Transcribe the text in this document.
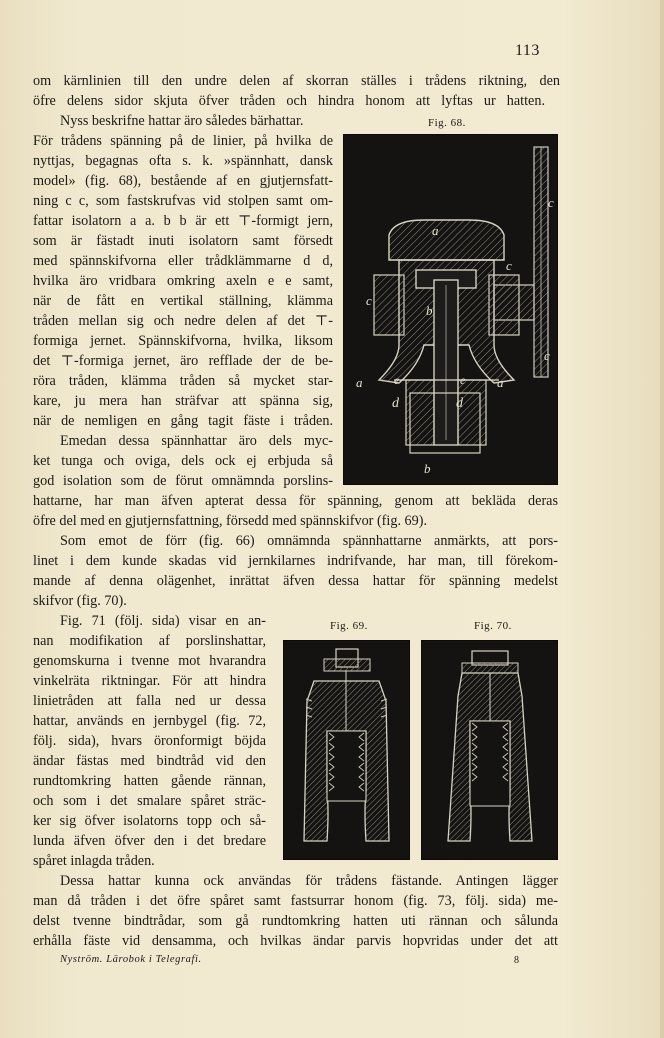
113
om kärnlinien till den undre delen af skorran ställes i trådens riktning, den
öfre delens sidor skjuta öfver tråden och hindra honom att lyftas ur hatten.
Nyss beskrifne hattar äro således bärhattar.	Fig. 68.
För trådens spänning på de linier, på hvilka de
nyttjas, begagnas ofta s. k. »spännhatt, dansk
model» (fig. 68), bestående af en gjutjernsfatt-
ning c c, som fastskrufvas vid stolpen samt om-
fattar isolatorn a a. b b är ett ⊤-formigt jern,
som är fästadt inuti isolatorn samt försedt
med spännskifvorna eller trådklämmarne d d,
hvilka äro vridbara omkring axeln e e samt,
när de fått en vertikal ställning, klämma
tråden mellan sig och nedre delen af det ⊤-
formiga jernet. Spännskifvorna, hvilka, liksom
det ⊤-formiga jernet, äro refflade der de be-
röra tråden, klämma tråden så mycket star-
kare, ju mera han sträfvar att spänna sig,
när de nemligen en gång tagit fäste i tråden.
Emedan dessa spännhattar äro dels myc-
ket tunga och oviga, dels ock ej erbjuda så
god isolation som de förut omnämnda porslins-
a
a	a
b
b
c
c
c
c
d	d
e	e
hattarne, har man äfven apterat dessa för spänning, genom att bekläda deras
öfre del med en gjutjernsfattning, försedd med spännskifvor (fig. 69).
Som emot de förr (fig. 66) omnämnda spännhattarne anmärkts, att pors-
linet i dem kunde skadas vid jernkilarnes indrifvande, har man, till förekom-
mande af denna olägenhet, inrättat äfven dessa hattar för spänning medelst
skifvor (fig. 70).
Fig. 69.	Fig. 70.
Fig. 71 (följ. sida) visar en an-
nan modifikation af porslinshattar,
genomskurna i tvenne mot hvarandra
vinkelräta riktningar. För att hindra
linietråden att falla ned ur dessa
hattar, används en jernbygel (fig. 72,
följ. sida), hvars öronformigt böjda
ändar fästas med bindtråd vid den
rundtomkring hatten gående rännan,
och som i det smalare spåret sträc-
ker sig öfver isolatorns topp och så-
lunda äfven öfver den i det bredare
spåret inlagda tråden.
Dessa hattar kunna ock användas för trådens fästande. Antingen lägger
man då tråden i det öfre spåret samt fastsurrar honom (fig. 73, följ. sida) me-
delst tvenne bindtrådar, som gå rundtomkring hatten uti rännan och sålunda
erhålla fäste vid densamma, och hvilkas ändar parvis hopvridas under det att
Nyström. Lärobok i Telegrafi.	8
